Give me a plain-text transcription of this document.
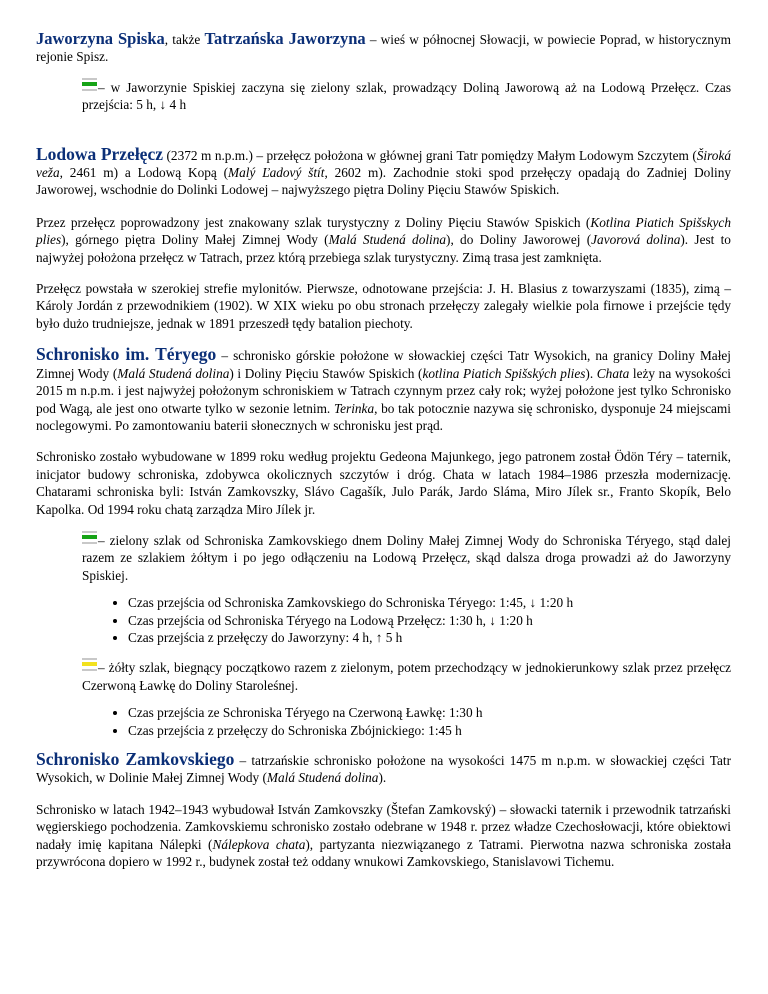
Jaworzyna Spiska, także Tatrzańska Jaworzyna – wieś w północnej Słowacji, w powiecie Poprad, w historycznym rejonie Spisz.

– w Jaworzynie Spiskiej zaczyna się zielony szlak, prowadzący Doliną Jaworową aż na Lodową Przełęcz. Czas przejścia: 5 h, ↓ 4 h

Lodowa Przełęcz (2372 m n.p.m.) – przełęcz położona w głównej grani Tatr pomiędzy Małym Lodowym Szczytem (Široká veža, 2461 m) a Lodową Kopą (Malý Ľadový štít, 2602 m). Zachodnie stoki spod przełęczy opadają do Zadniej Doliny Jaworowej, wschodnie do Dolinki Lodowej – najwyższego piętra Doliny Pięciu Stawów Spiskich.

Przez przełęcz poprowadzony jest znakowany szlak turystyczny z Doliny Pięciu Stawów Spiskich (Kotlina Piatich Spišskych plies), górnego piętra Doliny Małej Zimnej Wody (Malá Studená dolina), do Doliny Jaworowej (Javorová dolina). Jest to najwyżej położona przełęcz w Tatrach, przez którą przebiega szlak turystyczny. Zimą trasa jest zamknięta.

Przełęcz powstała w szerokiej strefie mylonitów. Pierwsze, odnotowane przejścia: J. H. Blasius z towarzyszami (1835), zimą – Károly Jordán z przewodnikiem (1902). W XIX wieku po obu stronach przełęczy zalegały wielkie pola firnowe i przejście tędy było dużo trudniejsze, jednak w 1891 przeszedł tędy batalion piechoty.

Schronisko im. Téryego – schronisko górskie położone w słowackiej części Tatr Wysokich, na granicy Doliny Małej Zimnej Wody (Malá Studená dolina) i Doliny Pięciu Stawów Spiskich (kotlina Piatich Spišských plies). Chata leży na wysokości 2015 m n.p.m. i jest najwyżej położonym schroniskiem w Tatrach czynnym przez cały rok; wyżej położone jest tylko Schronisko pod Wagą, ale jest ono otwarte tylko w sezonie letnim. Terinka, bo tak potocznie nazywa się schronisko, dysponuje 24 miejscami noclegowymi. Po zamontowaniu baterii słonecznych w schronisku jest prąd.

Schronisko zostało wybudowane w 1899 roku według projektu Gedeona Majunkego, jego patronem został Ödön Téry – taternik, inicjator budowy schroniska, zdobywca okolicznych szczytów i dróg. Chata w latach 1984–1986 przeszła modernizację. Chatarami schroniska byli: István Zamkovszky, Slávo Cagašík, Julo Parák, Jardo Sláma, Miro Jílek sr., Franto Skopík, Belo Kapolka. Od 1994 roku chatą zarządza Miro Jílek jr.

– zielony szlak od Schroniska Zamkovskiego dnem Doliny Małej Zimnej Wody do Schroniska Téryego, stąd dalej razem ze szlakiem żółtym i po jego odłączeniu na Lodową Przełęcz, skąd dalsza droga prowadzi aż do Jaworzyny Spiskiej.

• Czas przejścia od Schroniska Zamkovskiego do Schroniska Téryego: 1:45, ↓ 1:20 h
• Czas przejścia od Schroniska Téryego na Lodową Przełęcz: 1:30 h, ↓ 1:20 h
• Czas przejścia z przełęczy do Jaworzyny: 4 h, ↑ 5 h

– żółty szlak, biegnący początkowo razem z zielonym, potem przechodzący w jednokierunkowy szlak przez przełęcz Czerwoną Ławkę do Doliny Staroleśnej.

• Czas przejścia ze Schroniska Téryego na Czerwoną Ławkę: 1:30 h
• Czas przejścia z przełęczy do Schroniska Zbójnickiego: 1:45 h

Schronisko Zamkovskiego – tatrzańskie schronisko położone na wysokości 1475 m n.p.m. w słowackiej części Tatr Wysokich, w Dolinie Małej Zimnej Wody (Malá Studená dolina).

Schronisko w latach 1942–1943 wybudował István Zamkovszky (Štefan Zamkovský) – słowacki taternik i przewodnik tatrzański węgierskiego pochodzenia. Zamkovskiemu schronisko zostało odebrane w 1948 r. przez władze Czechosłowacji, które obiektowi nadały imię kapitana Nálepki (Nálepkova chata), partyzanta niezwiązanego z Tatrami. Pierwotna nazwa schroniska została przywrócona dopiero w 1992 r., budynek został też oddany wnukowi Zamkovskiego, Stanislavowi Tichemu.
